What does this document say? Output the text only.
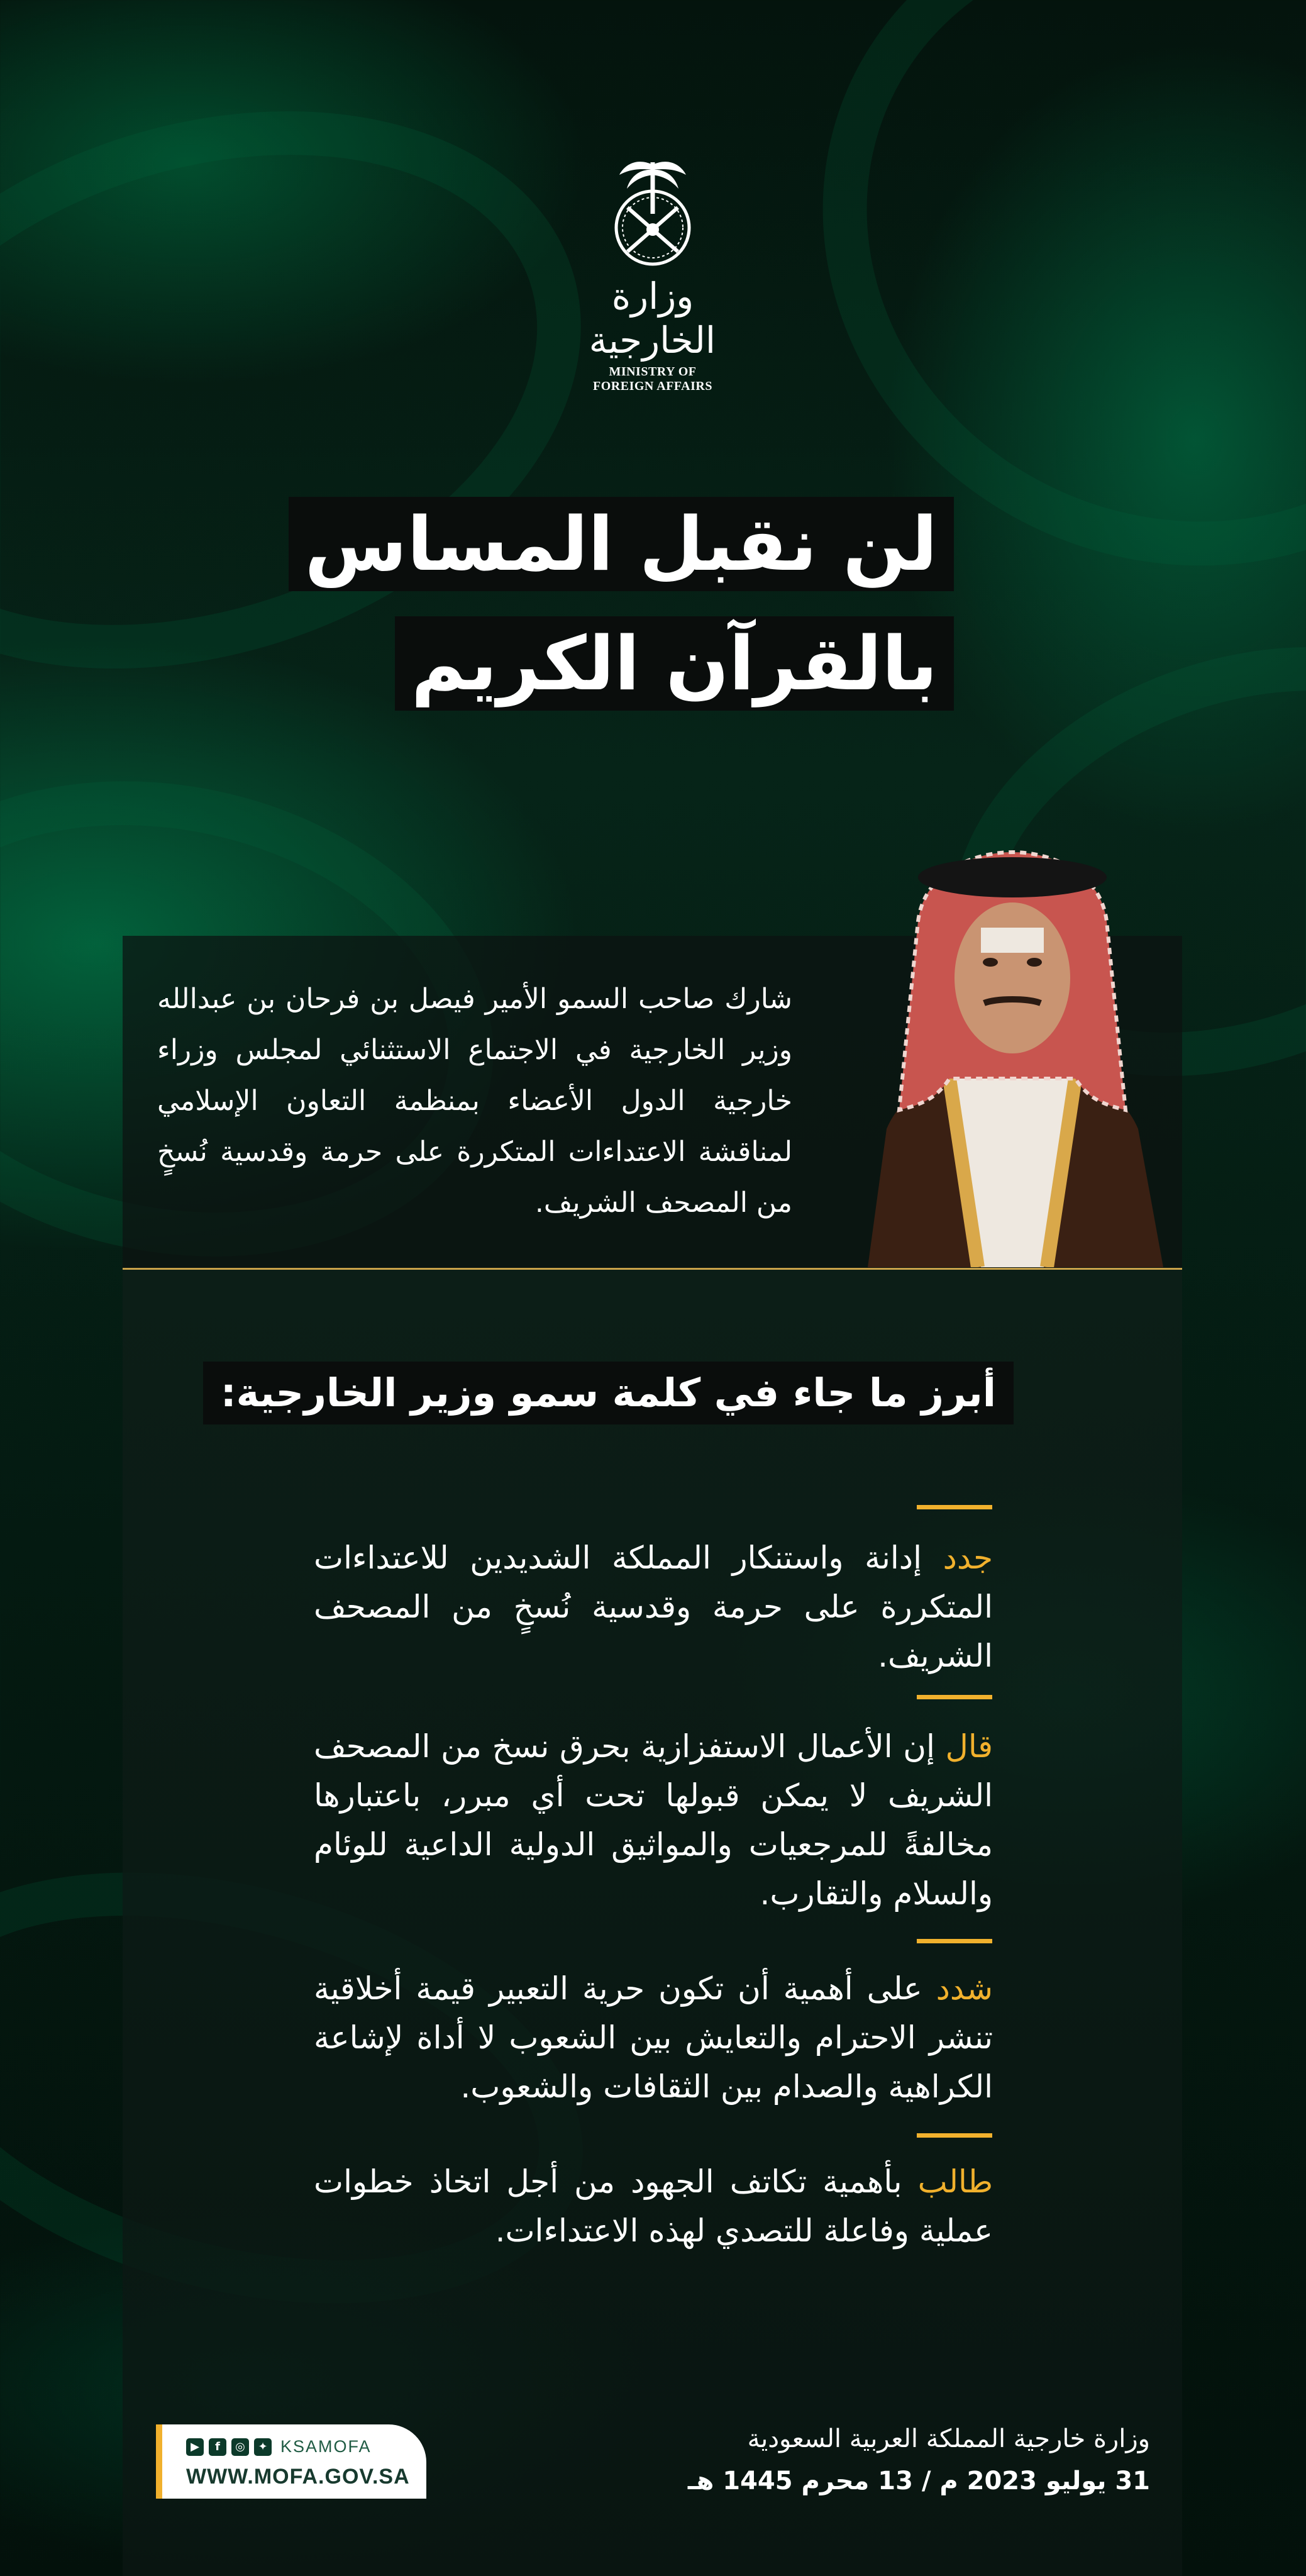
وزارة الخارجية
MINISTRY OF FOREIGN AFFAIRS
لن نقبل المساس
بالقرآن الكريم
شارك صاحب السمو الأمير فيصل بن فرحان بن عبدالله وزير الخارجية في الاجتماع الاستثنائي لمجلس وزراء خارجية الدول الأعضاء بمنظمة التعاون الإسلامي لمناقشة الاعتداءات المتكررة على حرمة وقدسية نُسخٍ من المصحف الشريف.
أبرز ما جاء في كلمة سمو وزير الخارجية:
جدد إدانة واستنكار المملكة الشديدين للاعتداءات المتكررة على حرمة وقدسية نُسخٍ من المصحف الشريف.
قال إن الأعمال الاستفزازية بحرق نسخ من المصحف الشريف لا يمكن قبولها تحت أي مبرر، باعتبارها مخالفةً للمرجعيات والمواثيق الدولية الداعية للوئام والسلام والتقارب.
شدد على أهمية أن تكون حرية التعبير قيمة أخلاقية تنشر الاحترام والتعايش بين الشعوب لا أداة لإشاعة الكراهية والصدام بين الثقافات والشعوب.
طالب بأهمية تكاتف الجهود من أجل اتخاذ خطوات عملية وفاعلة للتصدي لهذه الاعتداءات.
▶	f	◎	✦ KSAMOFA
WWW.MOFA.GOV.SA
وزارة خارجية المملكة العربية السعودية
31 يوليو 2023 م / 13 محرم 1445 هـ
